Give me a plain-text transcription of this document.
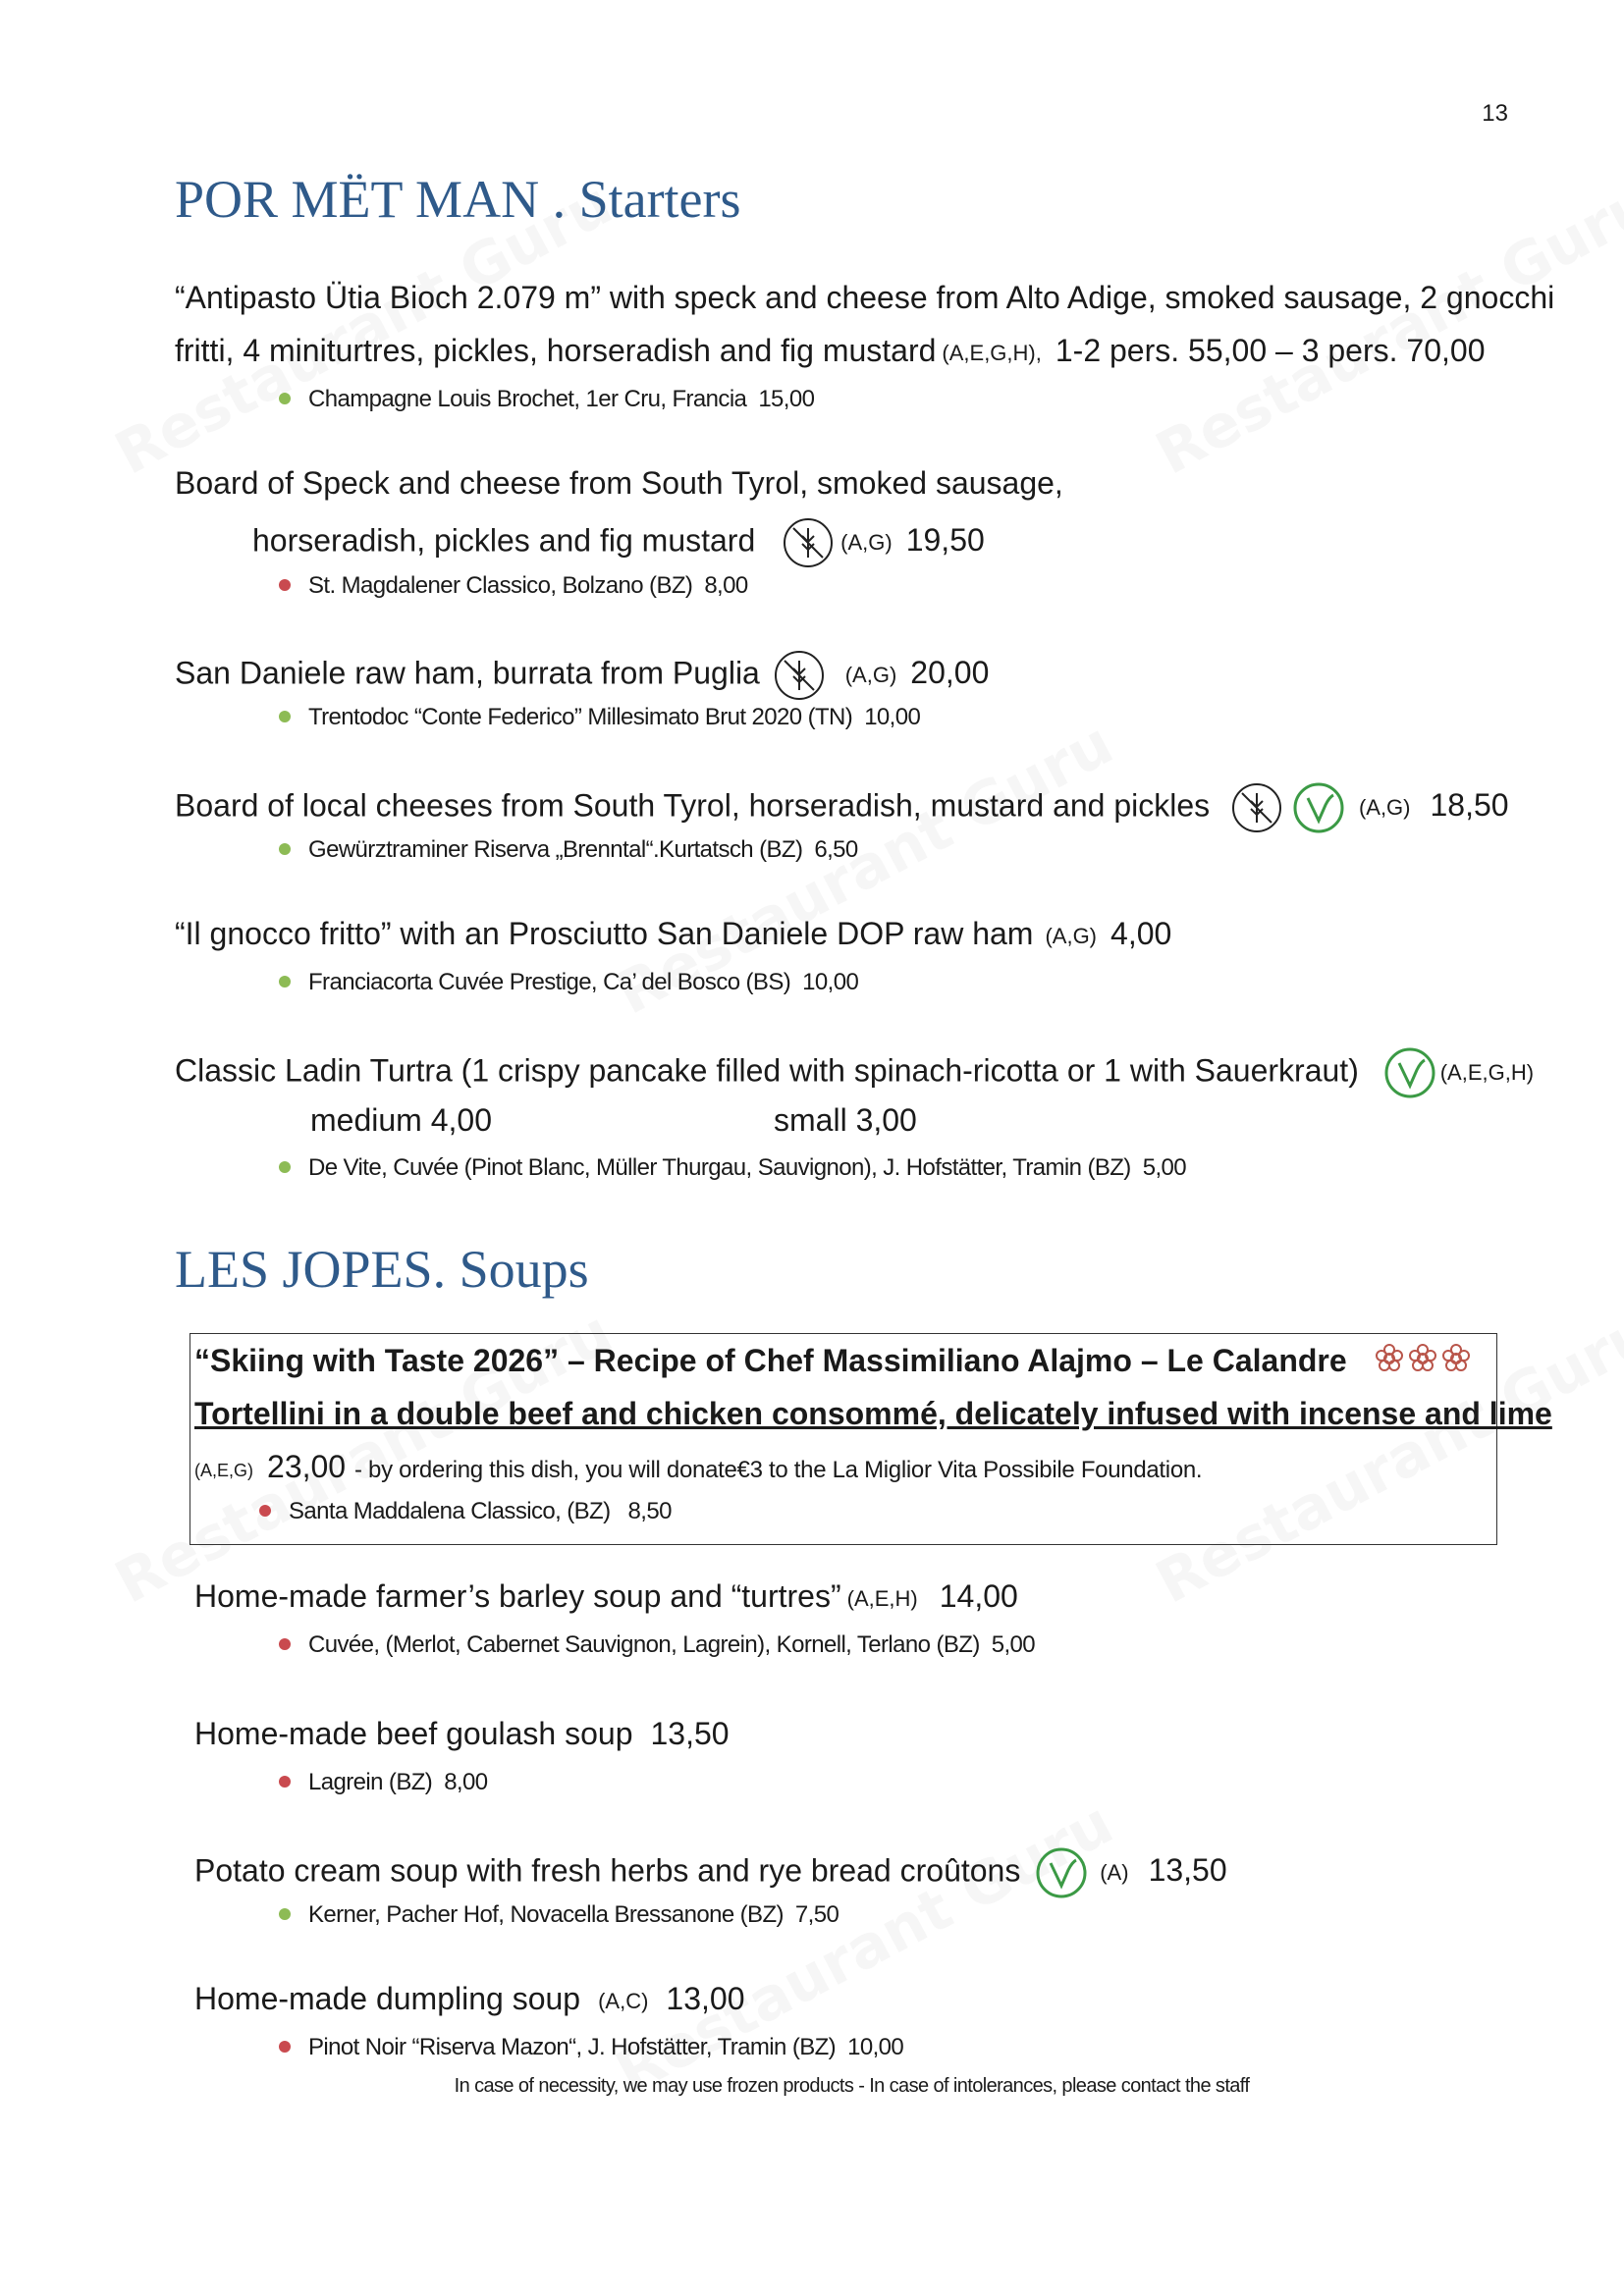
13
POR MËT MAN . Starters
“Antipasto Ütia Bioch 2.079 m” with speck and cheese from Alto Adige, smoked sausage, 2 gnocchi
fritti, 4 miniturtres, pickles, horseradish and fig mustard (A,E,G,H), 1-2 pers. 55,00 – 3 pers. 70,00
Champagne Louis Brochet, 1er Cru, Francia 15,00
Board of Speck and cheese from South Tyrol, smoked sausage,
horseradish, pickles and fig mustard	(A,G) 19,50
St. Magdalener Classico, Bolzano (BZ) 8,00
San Daniele raw ham, burrata from Puglia	(A,G) 20,00
Trentodoc “Conte Federico” Millesimato Brut 2020 (TN) 10,00
Board of local cheeses from South Tyrol, horseradish, mustard and pickles
	(A,G) 18,50
Gewürztraminer Riserva „Brenntal“.Kurtatsch (BZ) 6,50
“Il gnocco fritto” with an Prosciutto San Daniele DOP raw ham (A,G) 4,00
Franciacorta Cuvée Prestige, Ca’ del Bosco (BS) 10,00
Classic Ladin Turtra (1 crispy pancake filled with spinach-ricotta or 1 with Sauerkraut)	(A,E,G,H)
medium 4,00	small 3,00
De Vite, Cuvée (Pinot Blanc, Müller Thurgau, Sauvignon), J. Hofstätter, Tramin (BZ) 5,00
LES JOPES. Soups
“Skiing with Taste 2026” – Recipe of Chef Massimiliano Alajmo – Le Calandre
Tortellini in a double beef and chicken consommé, delicately infused with incense and lime
(A,E,G) 23,00 - by ordering this dish, you will donate€3 to the La Miglior Vita Possibile Foundation.
Santa Maddalena Classico, (BZ) 8,50
Home-made farmer’s barley soup and “turtres” (A,E,H) 14,00
Cuvée, (Merlot, Cabernet Sauvignon, Lagrein), Kornell, Terlano (BZ) 5,00
Home-made beef goulash soup 13,50
Lagrein (BZ) 8,00
Potato cream soup with fresh herbs and rye bread croûtons	(A) 13,50
Kerner, Pacher Hof, Novacella Bressanone (BZ) 7,50
Home-made dumpling soup (A,C) 13,00
Pinot Noir “Riserva Mazon“, J. Hofstätter, Tramin (BZ) 10,00
In case of necessity, we may use frozen products - In case of intolerances, please contact the staff
